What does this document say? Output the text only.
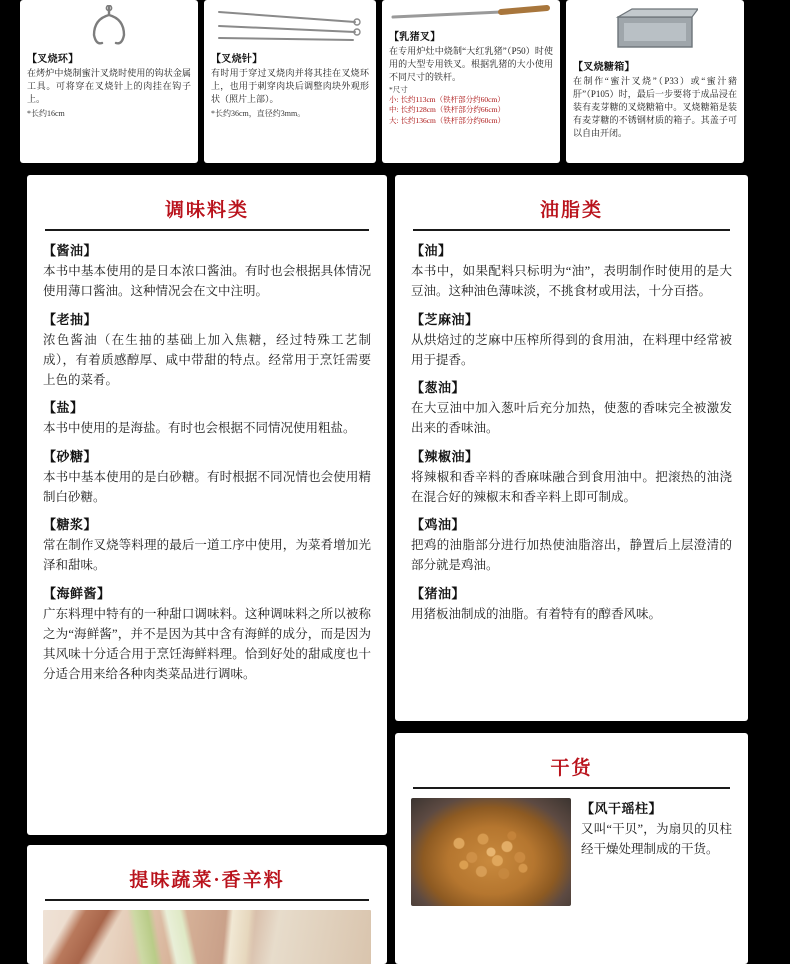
【叉烧环】
在烤炉中烧制蜜汁叉烧时使用的钩状金属工具。可将穿在叉烧针上的肉挂在钩子上。
*长约16cm
【叉烧针】
有时用于穿过叉烧肉并将其挂在叉烧环上，也用于刺穿肉块后调整肉块外观形状（照片上部）。
*长约36cm，直径约3mm。
【乳猪叉】
在专用炉灶中烧制“大红乳猪”（P50）时使用的大型专用铁叉。根据乳猪的大小使用不同尺寸的铁杆。
*尺寸
小: 长约113cm（铁杆部分约60cm）
中: 长约128cm（铁杆部分约66cm）
大: 长约136cm（铁杆部分约60cm）
【叉烧糖箱】
在制作“蜜汁叉烧”（P33）或“蜜汁豬肝”（P105）时，最后一步要将于成品浸在装有麦芽糖的叉烧糖箱中。叉烧糖箱是装有麦芽糖的不锈钢材质的箱子。其盖子可以自由开闭。
调味料类
【酱油】

本书中基本使用的是日本浓口酱油。有时也会根据具体情况使用薄口酱油。这种情况会在文中注明。

【老抽】

浓色酱油（在生抽的基础上加入焦糖，经过特殊工艺制成），有着质感醇厚、咸中带甜的特点。经常用于烹饪需要上色的菜肴。

【盐】

本书中使用的是海盐。有时也会根据不同情况使用粗盐。

【砂糖】

本书中基本使用的是白砂糖。有时根据不同况情也会使用精制白砂糖。

【糖浆】

常在制作叉烧等料理的最后一道工序中使用，为菜肴增加光泽和甜味。

【海鲜酱】

广东料理中特有的一种甜口调味料。这种调味料之所以被称之为“海鲜酱”，并不是因为其中含有海鲜的成分，而是因为其风味十分适合用于烹饪海鲜料理。恰到好处的甜咸度也十分适合用来给各种肉类菜品进行调味。

油脂类
【油】

本书中，如果配料只标明为“油”，表明制作时使用的是大豆油。这种油色薄味淡，不挑食材或用法，十分百搭。

【芝麻油】

从烘焙过的芝麻中压榨所得到的食用油，在料理中经常被用于提香。

【葱油】

在大豆油中加入葱叶后充分加热，使葱的香味完全被激发出来的香味油。

【辣椒油】

将辣椒和香辛料的香麻味融合到食用油中。把滚热的油浇在混合好的辣椒末和香辛料上即可制成。

【鸡油】

把鸡的油脂部分进行加热使油脂溶出，静置后上层澄清的部分就是鸡油。

【猪油】

用猪板油制成的油脂。有着特有的醇香风味。

干货
【风干瑶柱】

又叫“干贝”，为扇贝的贝柱经干燥处理制成的干货。

提味蔬菜·香辛料
